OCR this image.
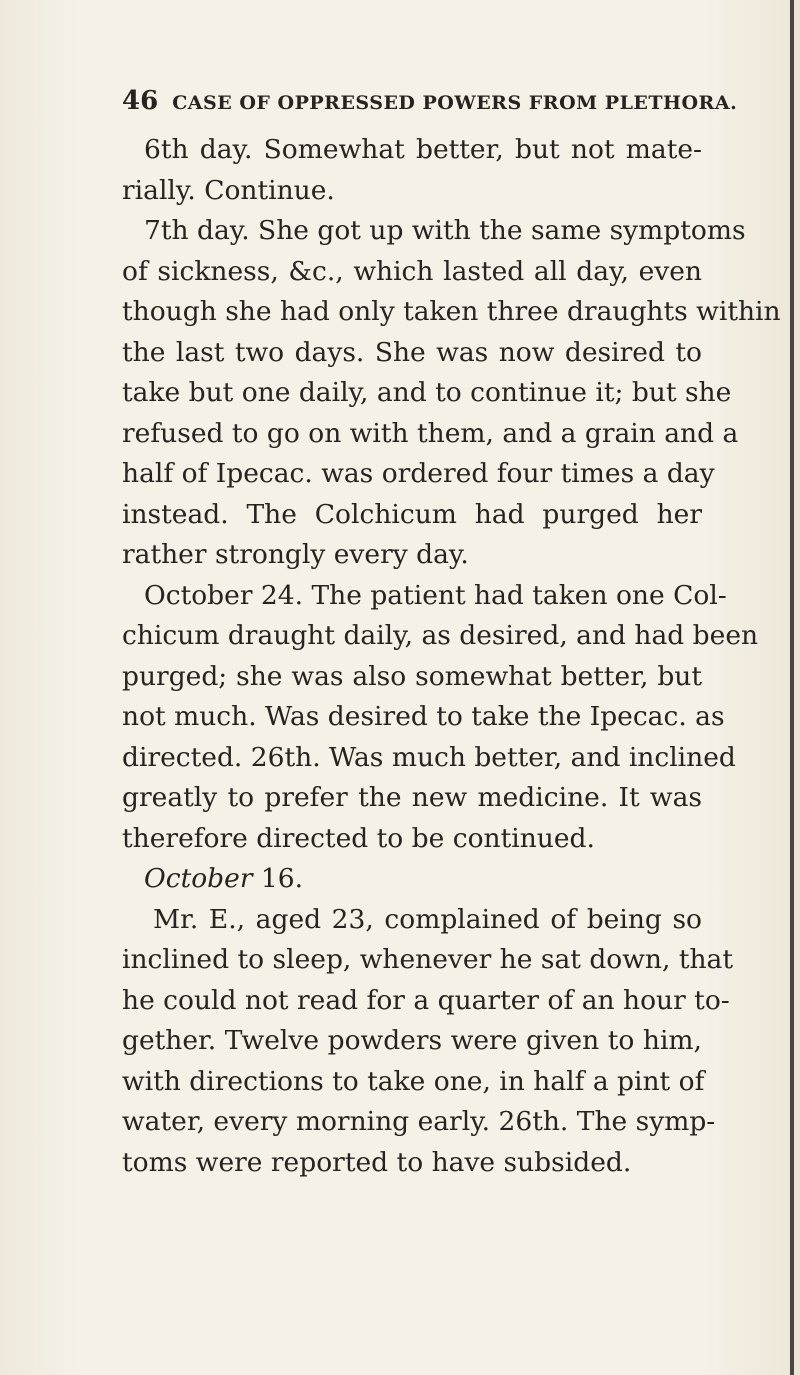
46 CASE OF OPPRESSED POWERS FROM PLETHORA.
6th day. Somewhat better, but not mate-
rially. Continue.
7th day. She got up with the same symptoms
of sickness, &c., which lasted all day, even
though she had only taken three draughts within
the last two days. She was now desired to
take but one daily, and to continue it; but she
refused to go on with them, and a grain and a
half of Ipecac. was ordered four times a day
instead. The Colchicum had purged her
rather strongly every day.
October 24. The patient had taken one Col-
chicum draught daily, as desired, and had been
purged; she was also somewhat better, but
not much. Was desired to take the Ipecac. as
directed. 26th. Was much better, and inclined
greatly to prefer the new medicine. It was
therefore directed to be continued.
October 16.
Mr. E., aged 23, complained of being so
inclined to sleep, whenever he sat down, that
he could not read for a quarter of an hour to-
gether. Twelve powders were given to him,
with directions to take one, in half a pint of
water, every morning early. 26th. The symp-
toms were reported to have subsided.
